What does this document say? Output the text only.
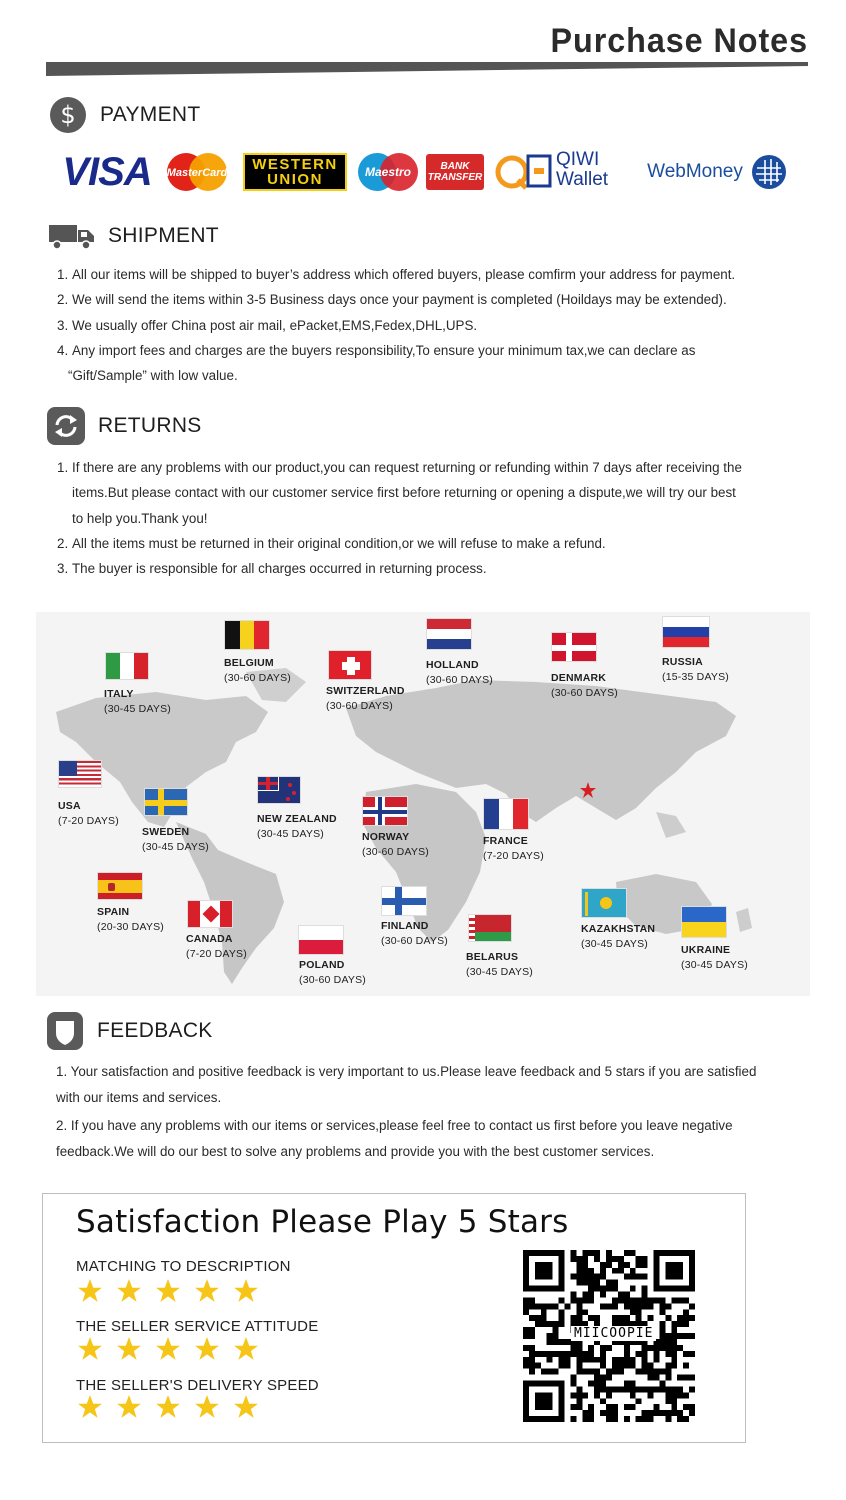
Purchase Notes
$ PAYMENT
VISA MasterCard WESTERN
UNION	Maestro	BANK
TRANSFER
QIWI
Wallet WebMoney
SHIPMENT
1. All our items will be shipped to buyer’s address which offered buyers, please comfirm your address for payment.
2. We will send the items within 3-5 Business days once your payment is completed (Hoildays may be extended).
3. We usually offer China post air mail, ePacket,EMS,Fedex,DHL,UPS.
4. Any import fees and charges are the buyers responsibility,To ensure your minimum tax,we can declare as
“Gift/Sample” with low value.
RETURNS
1. If there are any problems with our product,you can request returning or refunding within 7 days after receiving the
items.But please contact with our customer service first before returning or opening a dispute,we will try our best
to help you.Thank you!
2. All the items must be returned in their original condition,or we will refuse to make a refund.
3. The buyer is responsible for all charges occurred in returning process.
ITALY
(30-45 DAYS)
BELGIUM
(30-60 DAYS)
SWITZERLAND
(30-60 DAYS)
HOLLAND
(30-60 DAYS)	DENMARK
(30-60 DAYS)
RUSSIA
(15-35 DAYS)
USA
(7-20 DAYS)
SWEDEN
(30-45 DAYS)
NEW ZEALAND
(30-45 DAYS)	NORWAY
(30-60 DAYS)
FRANCE
(7-20 DAYS)
SPAIN
(20-30 DAYS)
CANADA
(7-20 DAYS)
POLAND
(30-60 DAYS)
FINLAND
(30-60 DAYS)
BELARUS
(30-45 DAYS)
KAZAKHSTAN
(30-45 DAYS)	UKRAINE
(30-45 DAYS)
FEEDBACK
1. Your satisfaction and positive feedback is very important to us.Please leave feedback and 5 stars if you are satisfied
with our items and services.
2. If you have any problems with our items or services,please feel free to contact us first before you leave negative
feedback.We will do our best to solve any problems and provide you with the best customer services.
Satisfaction Please Play 5 Stars
MATCHING TO DESCRIPTION
THE SELLER SERVICE ATTITUDE
THE SELLER'S DELIVERY SPEED
MIICOOPIE
